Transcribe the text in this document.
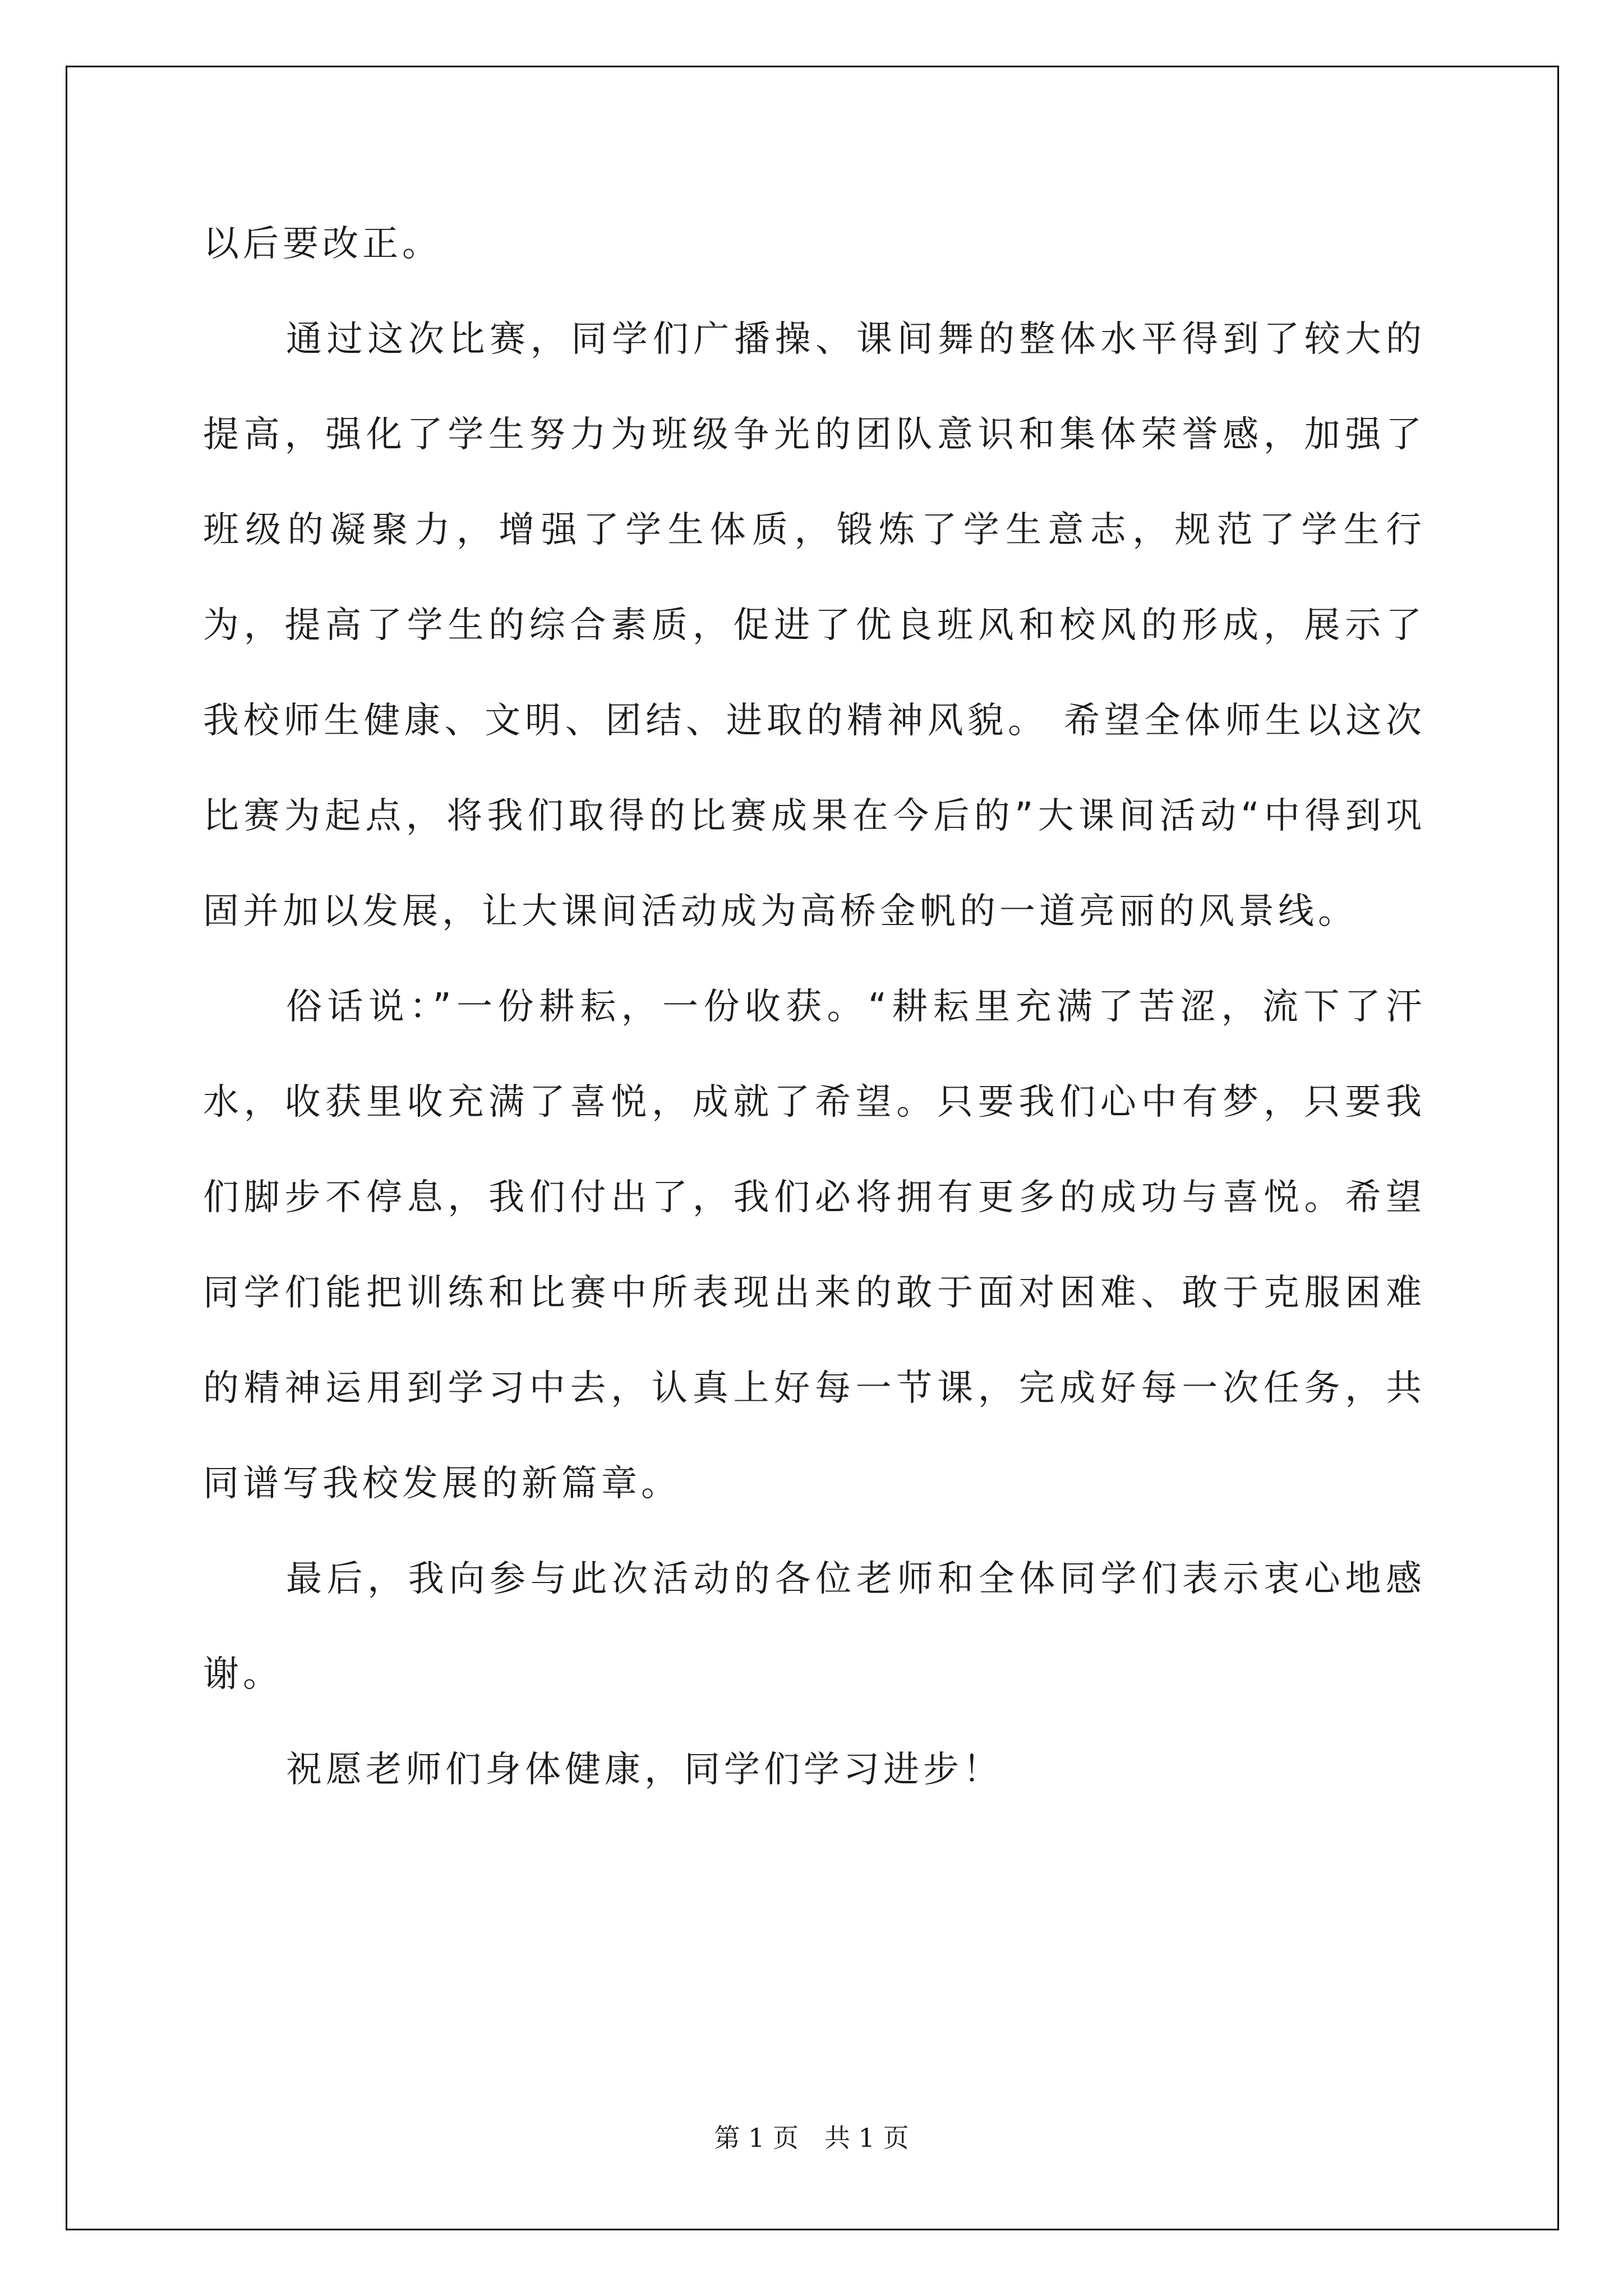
以后要改正。

通过这次比赛，同学们广播操、课间舞的整体水平得到了较大的提高，强化了学生努力为班级争光的团队意识和集体荣誉感，加强了班级的凝聚力，增强了学生体质，锻炼了学生意志，规范了学生行为，提高了学生的综合素质，促进了优良班风和校风的形成，展示了我校师生健康、文明、团结、进取的精神风貌。 希望全体师生以这次比赛为起点，将我们取得的比赛成果在今后的”大课间活动“中得到巩固并加以发展，让大课间活动成为高桥金帆的一道亮丽的风景线。

俗话说：”一份耕耘，一份收获。“耕耘里充满了苦涩，流下了汗水，收获里收充满了喜悦，成就了希望。只要我们心中有梦，只要我们脚步不停息，我们付出了，我们必将拥有更多的成功与喜悦。希望同学们能把训练和比赛中所表现出来的敢于面对困难、敢于克服困难的精神运用到学习中去，认真上好每一节课，完成好每一次任务，共同谱写我校发展的新篇章。

最后，我向参与此次活动的各位老师和全体同学们表示衷心地感谢。

祝愿老师们身体健康，同学们学习进步！

第 1 页　共 1 页
